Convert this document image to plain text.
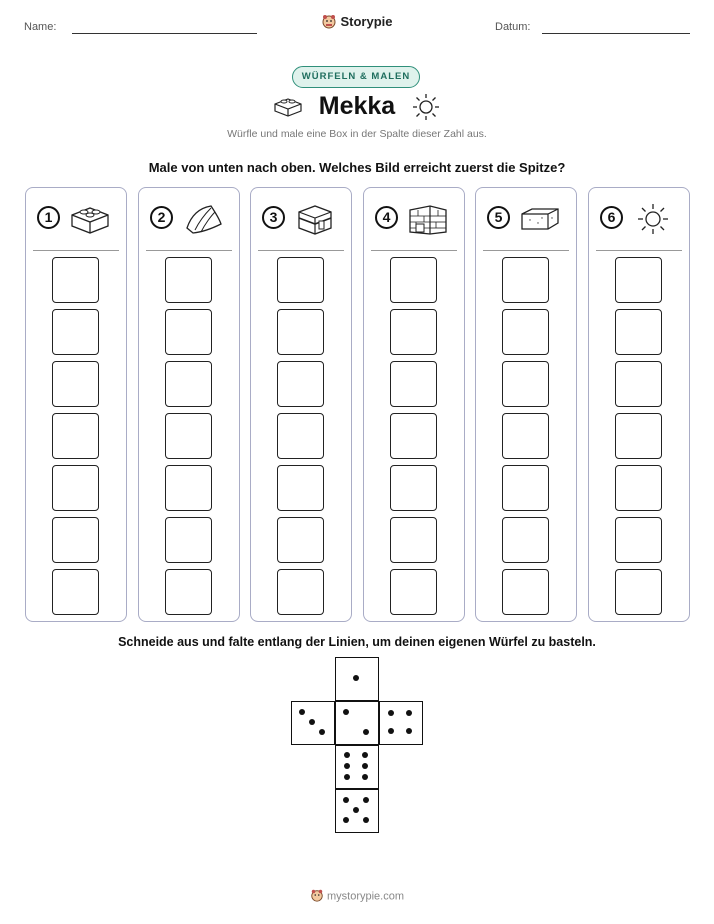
Name:	Datum:
Storypie
WÜRFELN & MALEN
Mekka
Würfle und male eine Box in der Spalte dieser Zahl aus.
Male von unten nach oben. Welches Bild erreicht zuerst die Spitze?
1	2	3	4	5	6
Schneide aus und falte entlang der Linien, um deinen eigenen Würfel zu basteln.
mystorypie.com
